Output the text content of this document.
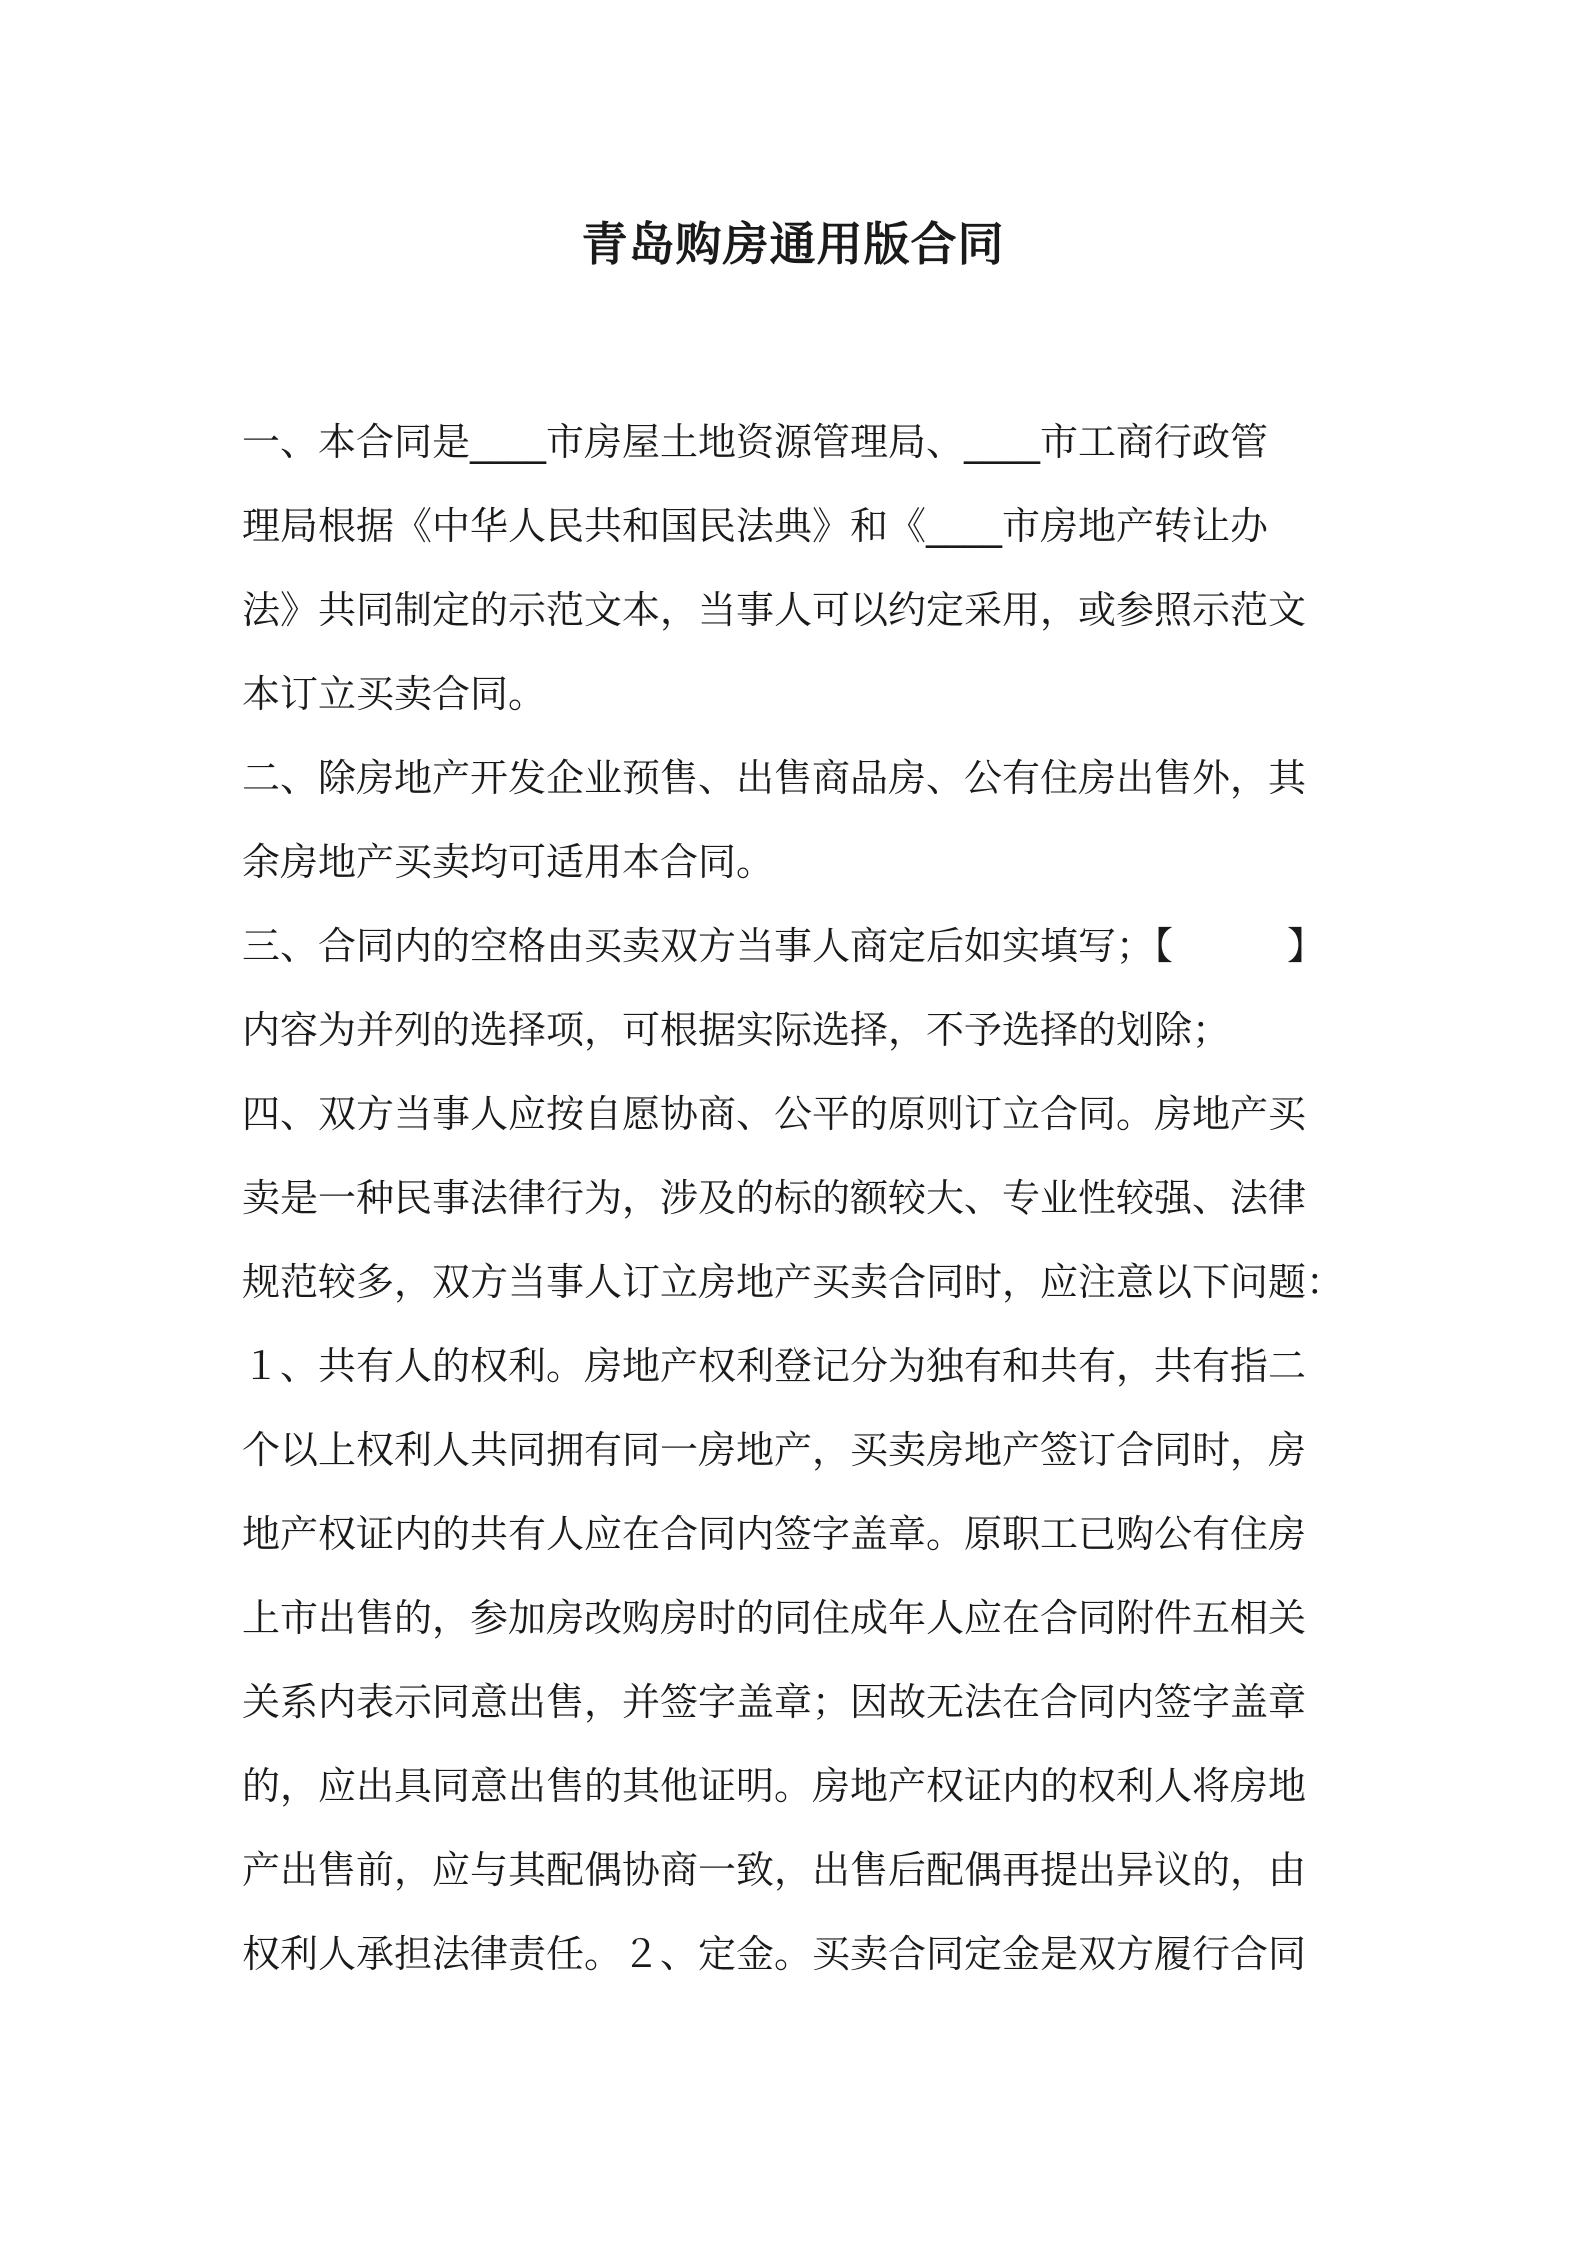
青岛购房通用版合同
一、本合同是____市房屋土地资源管理局、____市工商行政管
理局根据《中华人民共和国民法典》和《____市房地产转让办
法》共同制定的示范文本，当事人可以约定采用，或参照示范文
本订立买卖合同。
二、除房地产开发企业预售、出售商品房、公有住房出售外，其
余房地产买卖均可适用本合同。
三、合同内的空格由买卖双方当事人商定后如实填写；【　　　】
内容为并列的选择项，可根据实际选择，不予选择的划除；
四、双方当事人应按自愿协商、公平的原则订立合同。房地产买
卖是一种民事法律行为，涉及的标的额较大、专业性较强、法律
规范较多，双方当事人订立房地产买卖合同时，应注意以下问题：
１、共有人的权利。房地产权利登记分为独有和共有，共有指二
个以上权利人共同拥有同一房地产，买卖房地产签订合同时，房
地产权证内的共有人应在合同内签字盖章。原职工已购公有住房
上市出售的，参加房改购房时的同住成年人应在合同附件五相关
关系内表示同意出售，并签字盖章；因故无法在合同内签字盖章
的，应出具同意出售的其他证明。房地产权证内的权利人将房地
产出售前，应与其配偶协商一致，出售后配偶再提出异议的，由
权利人承担法律责任。２、定金。买卖合同定金是双方履行合同
